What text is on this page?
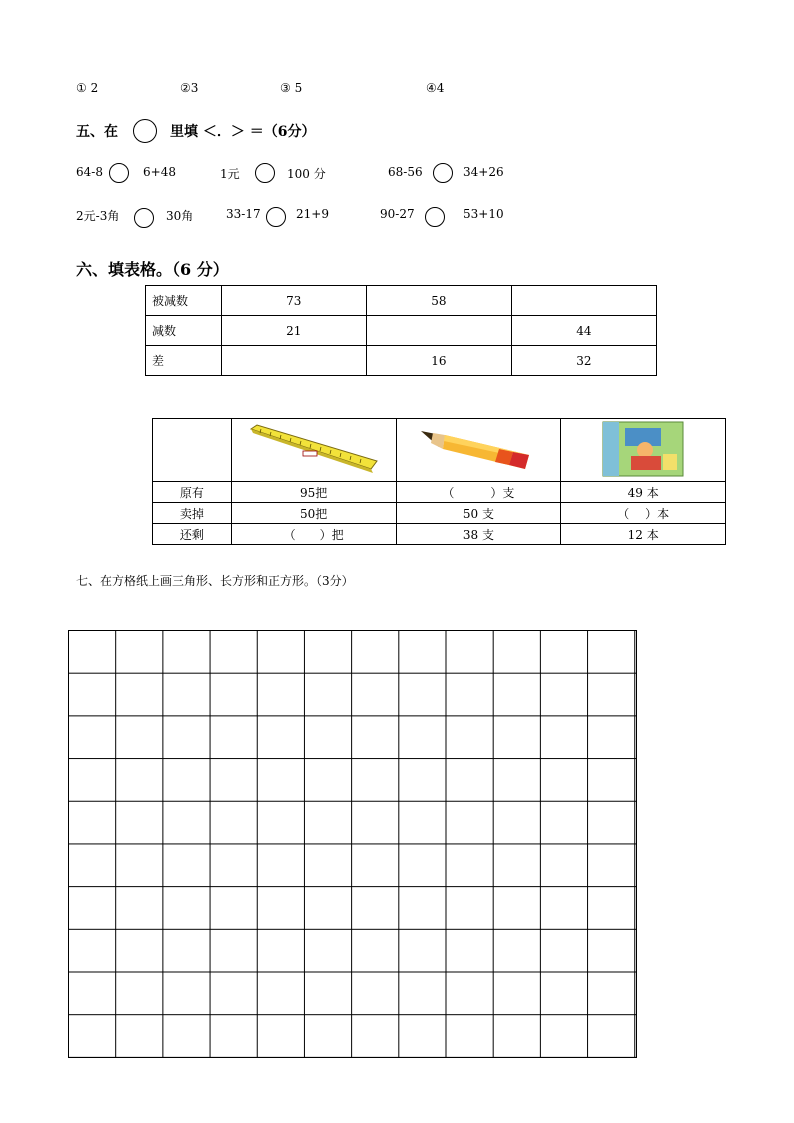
① 2	②3	③ 5	④4
五、在	里填 ＜．＞ ＝（6分）
64-8	6+48	1元	100 分	68-56	34+26
2元-3角	30角	33-17	21+9	90-27	53+10
六、填表格。（6 分）
被减数	73	58	
减数	21		44
差		16	32

原有	95把	（　　　）支	49 本
卖掉	50把	50 支	（　 ）本
还剩	（　　）把	38 支	12 本
七、在方格纸上画三角形、长方形和正方形。（3分）
